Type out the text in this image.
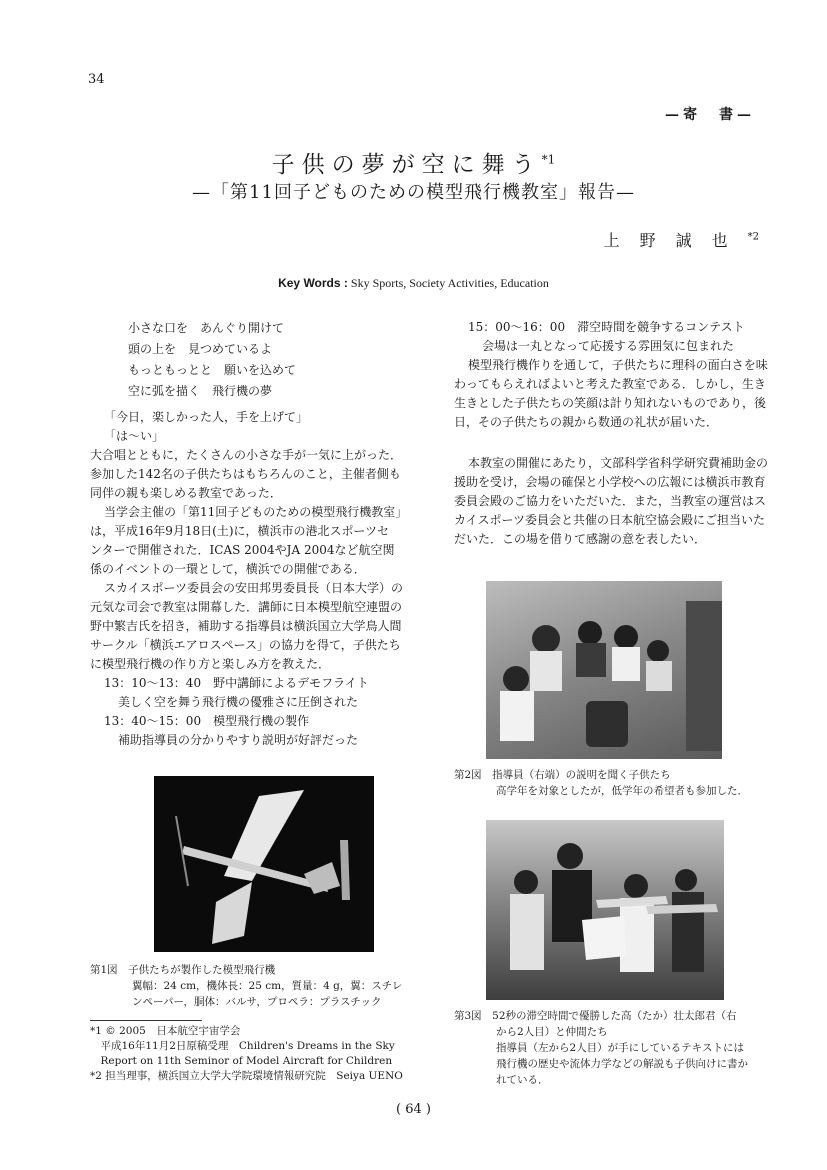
34
—寄　書—
子供の夢が空に舞う$^{*1}$
—「第11回子どものための模型飛行機教室」報告—
上野誠也$^{*2}$
Key Words : Sky Sports, Society Activities, Education

小さな口を　あんぐり開けて

頭の上を　見つめているよ

もっともっとと　願いを込めて

空に弧を描く　飛行機の夢

「今日，楽しかった人，手を上げて」

「は〜い」

大合唱とともに，たくさんの小さな手が一気に上がった．

参加した142名の子供たちはもちろんのこと，主催者側も

同伴の親も楽しめる教室であった．

当学会主催の「第11回子どものための模型飛行機教室」

は，平成16年9月18日(土)に，横浜市の港北スポーツセ

ンターで開催された．ICAS 2004やJA 2004など航空関

係のイベントの一環として，横浜での開催である．

スカイスポーツ委員会の安田邦男委員長（日本大学）の

元気な司会で教室は開幕した．講師に日本模型航空連盟の

野中繁吉氏を招き，補助する指導員は横浜国立大学鳥人間

サークル「横浜エアロスペース」の協力を得て，子供たち

に模型飛行機の作り方と楽しみ方を教えた．

13：10〜13：40　野中講師によるデモフライト

美しく空を舞う飛行機の優雅さに圧倒された

13：40〜15：00　模型飛行機の製作

補助指導員の分かりやすり説明が好評だった

15：00〜16：00　滞空時間を競争するコンテスト

会場は一丸となって応援する雰囲気に包まれた

模型飛行機作りを通して，子供たちに理科の面白さを味

わってもらえればよいと考えた教室である．しかし，生き

生きとした子供たちの笑顔は計り知れないものであり，後

日，その子供たちの親から数通の礼状が届いた．

本教室の開催にあたり，文部科学省科学研究費補助金の

援助を受け，会場の確保と小学校への広報には横浜市教育

委員会殿のご協力をいただいた．また，当教室の運営はス

カイスポーツ委員会と共催の日本航空協会殿にご担当いた

だいた．この場を借りて感謝の意を表したい．

第1図　子供たちが製作した模型飛行機

　　　　翼幅：24 cm，機体長：25 cm，質量：4 g，翼：スチレ

　　　　ンペーパー，胴体：バルサ，プロペラ：プラスチック

第2図　指導員（右端）の説明を聞く子供たち

　　　　高学年を対象としたが，低学年の希望者も参加した．

第3図　52秒の滞空時間で優勝した高（たか）壮太郎君（右

　　　　から2人目）と仲間たち

　　　　指導員（左から2人目）が手にしているテキストには

　　　　飛行機の歴史や流体力学などの解説も子供向けに書か

　　　　れている．

*1 © 2005　日本航空宇宙学会

　平成16年11月2日原稿受理　Children's Dreams in the Sky

　Report on 11th Seminor of Model Aircraft for Children

*2 担当理事，横浜国立大学大学院環境情報研究院　Seiya UENO

( 64 )
